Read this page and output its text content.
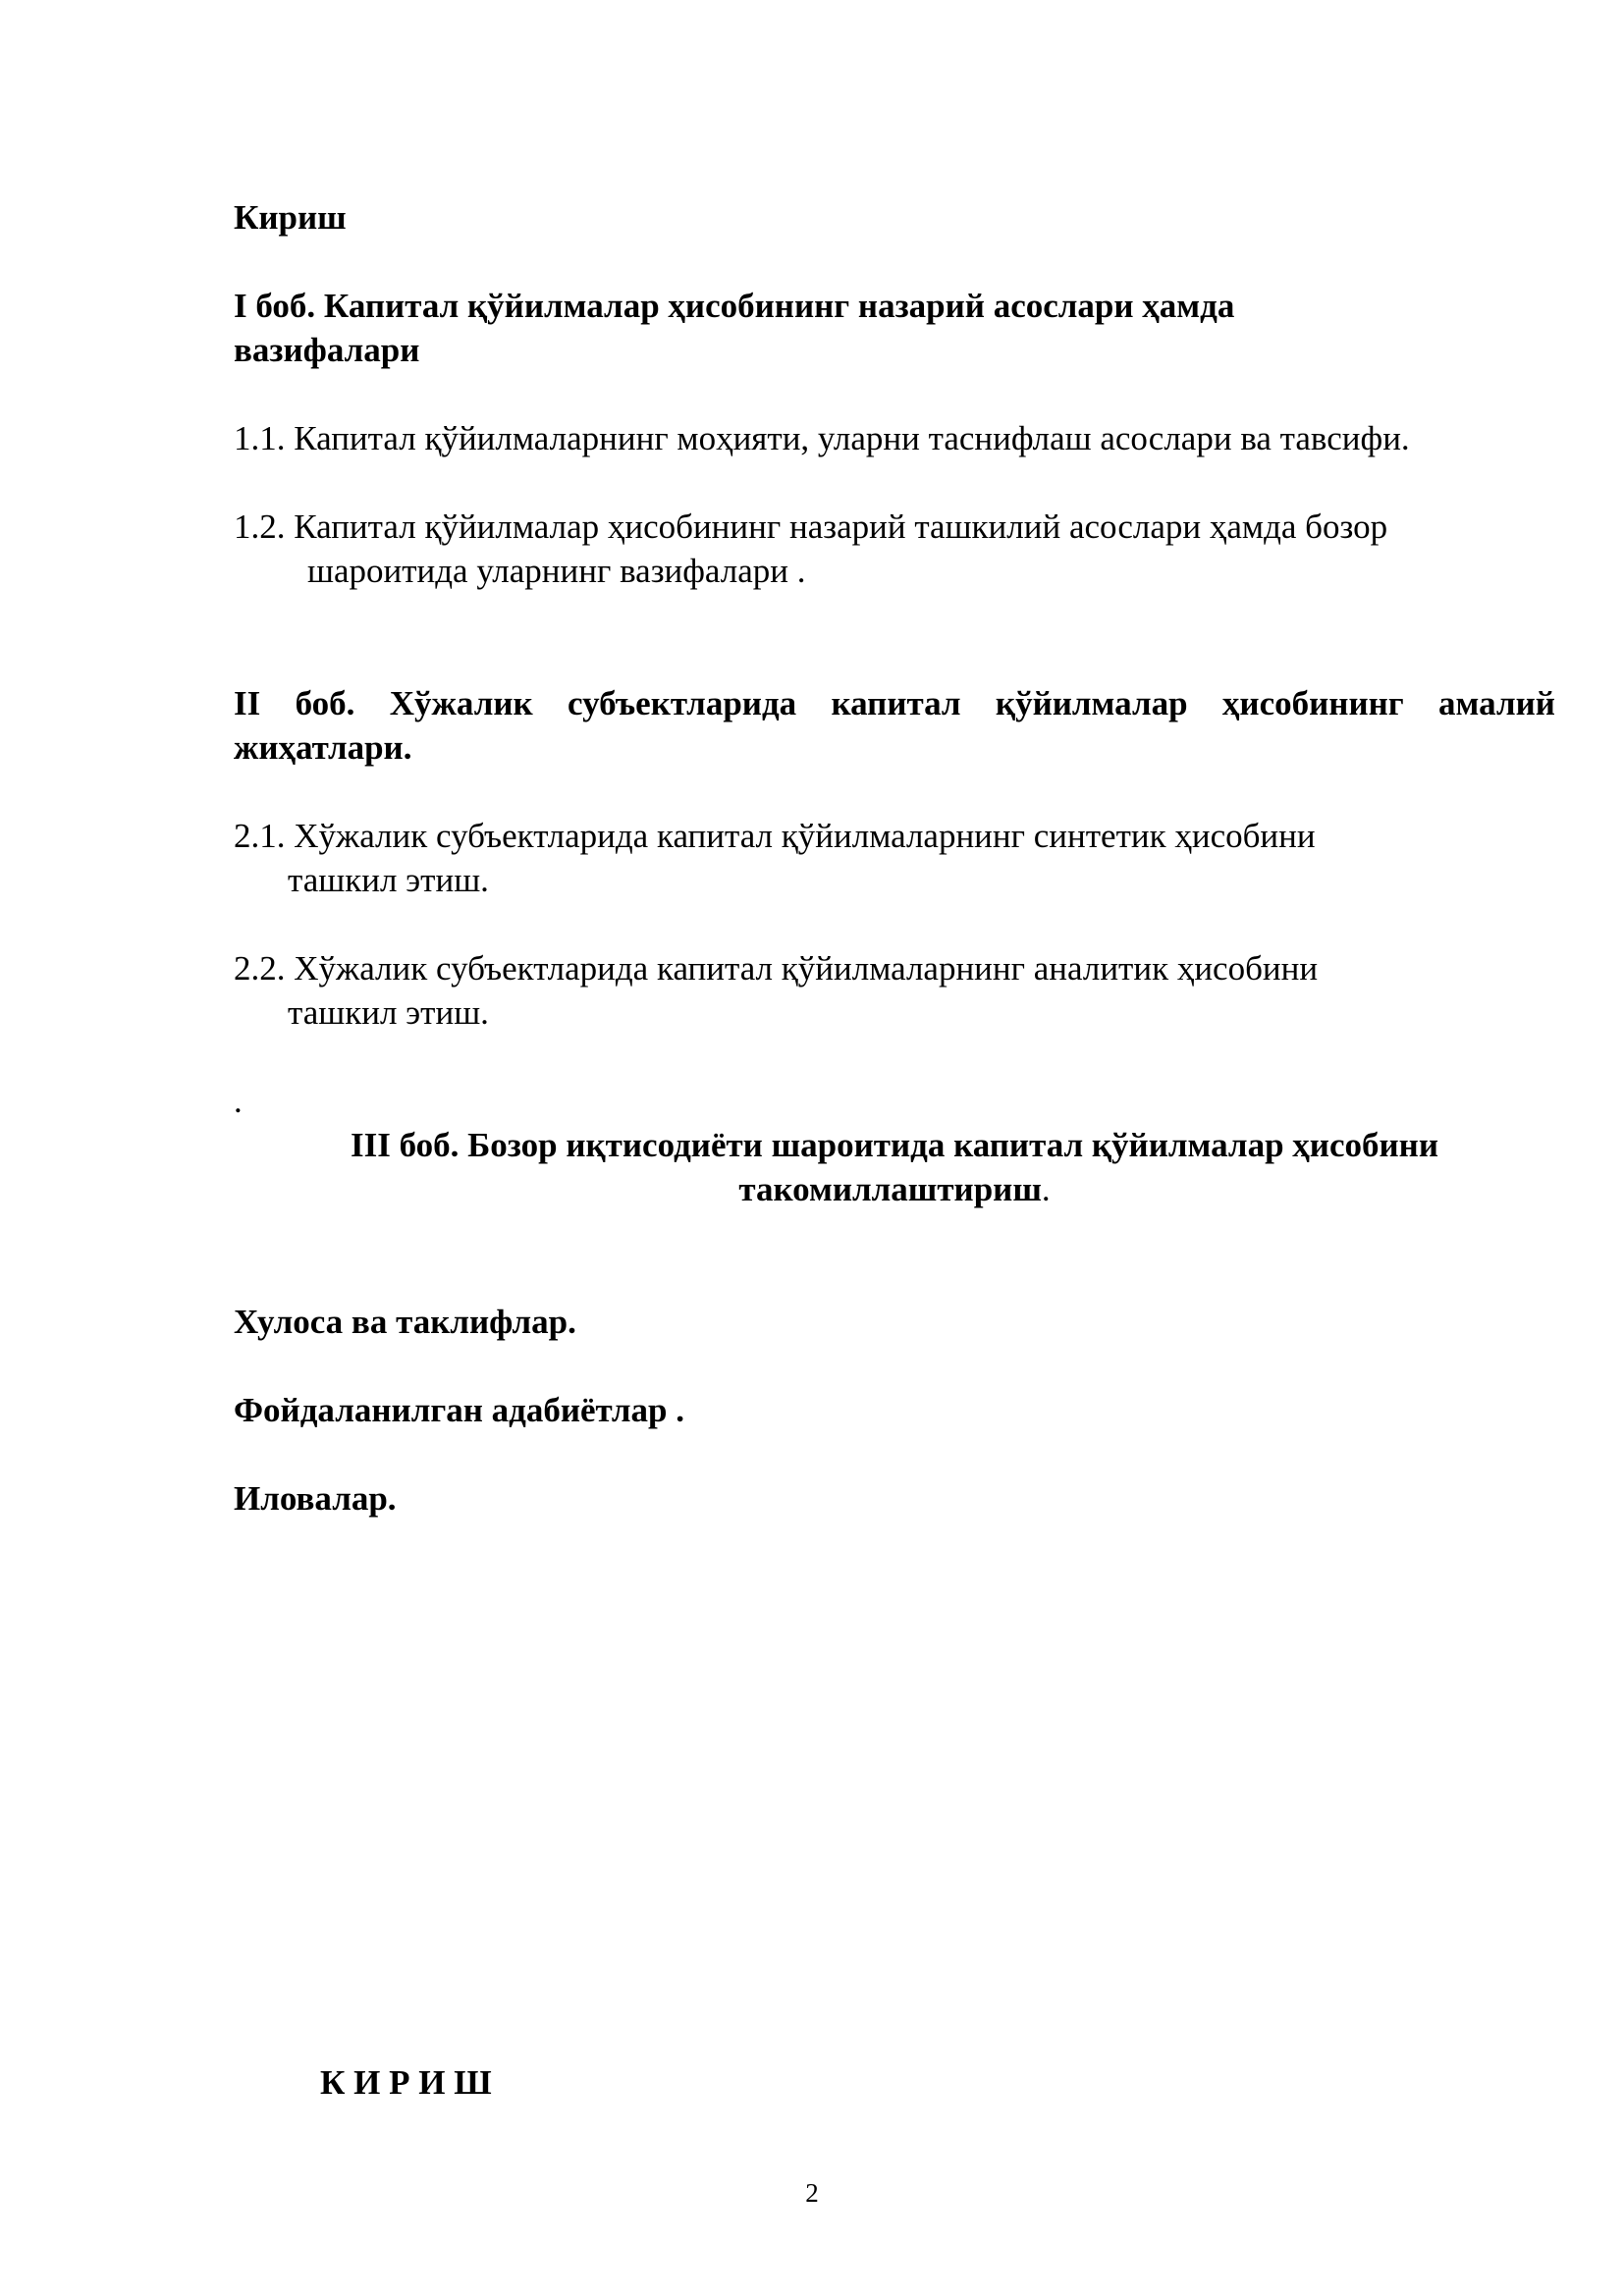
Кириш
I боб. Капитал қўйилмалар ҳисобининг назарий асослари ҳамда
вазифалари
1.1. Капитал қўйилмаларнинг моҳияти, уларни таснифлаш асослари ва тавсифи.
1.2. Капитал қўйилмалар ҳисобининг назарий ташкилий асослари ҳамда бозор
шароитида уларнинг вазифалари .
II боб. Хўжалик субъектларида капитал қўйилмалар ҳисобининг амалий
жиҳатлари.
2.1. Хўжалик субъектларида капитал қўйилмаларнинг синтетик ҳисобини
ташкил этиш.
2.2. Хўжалик субъектларида капитал қўйилмаларнинг аналитик ҳисобини
ташкил этиш.
.
III боб. Бозор иқтисодиёти шароитида капитал қўйилмалар ҳисобини
такомиллаштириш.
Хулоса ва таклифлар.
Фойдаланилган адабиётлар .
Иловалар.
К И Р И Ш
2
